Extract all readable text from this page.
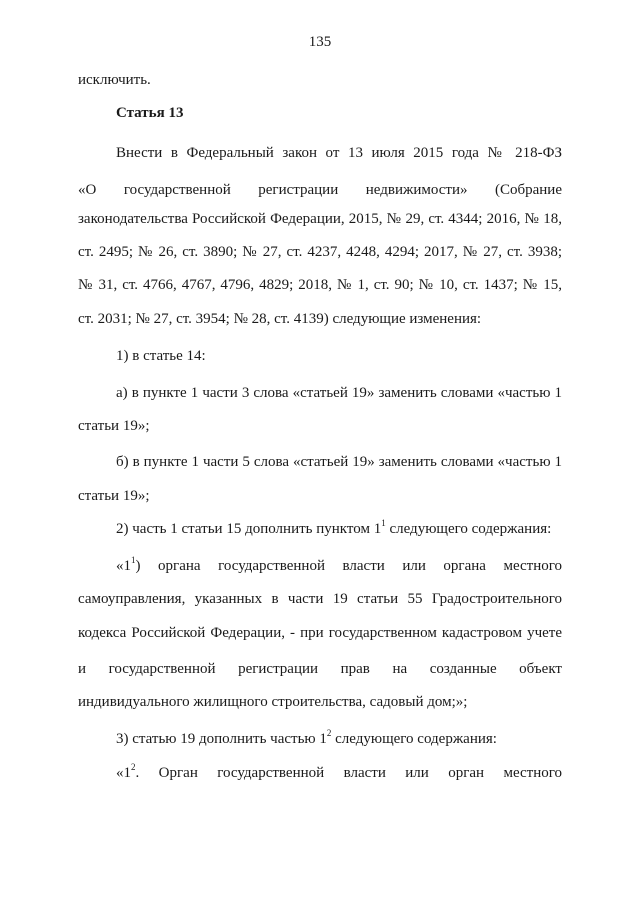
135
исключить.
Статья 13
Внести в Федеральный закон от 13 июля 2015 года № 218-ФЗ
«О государственной регистрации недвижимости» (Собрание
законодательства Российской Федерации, 2015, № 29, ст. 4344; 2016, № 18,
ст. 2495; № 26, ст. 3890; № 27, ст. 4237, 4248, 4294; 2017, № 27, ст. 3938;
№ 31, ст. 4766, 4767, 4796, 4829; 2018, № 1, ст. 90; № 10, ст. 1437; № 15,
ст. 2031; № 27, ст. 3954; № 28, ст. 4139) следующие изменения:
1) в статье 14:
а) в пункте 1 части 3 слова «статьей 19» заменить словами «частью 1
статьи 19»;
б) в пункте 1 части 5 слова «статьей 19» заменить словами «частью 1
статьи 19»;
2) часть 1 статьи 15 дополнить пунктом $1^1$ следующего содержания:
«$1^1$) органа государственной власти или органа местного
самоуправления, указанных в части 19 статьи 55 Градостроительного
кодекса Российской Федерации, - при государственном кадастровом учете
и государственной регистрации прав на созданные объект
индивидуального жилищного строительства, садовый дом;»;
3) статью 19 дополнить частью $1^2$ следующего содержания:
«$1^2$. Орган государственной власти или орган местного
